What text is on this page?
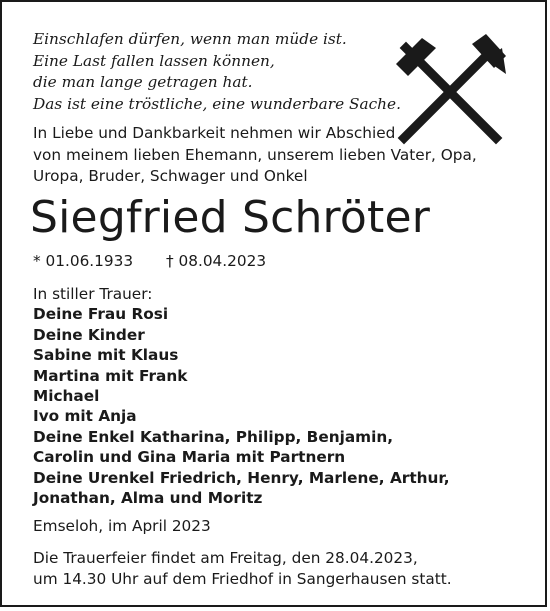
Einschlafen dürfen, wenn man müde ist.
Eine Last fallen lassen können,
die man lange getragen hat.
Das ist eine tröstliche, eine wunderbare Sache.
In Liebe und Dankbarkeit nehmen wir Abschied
von meinem lieben Ehemann, unserem lieben Vater, Opa,
Uropa, Bruder, Schwager und Onkel
Siegfried Schröter
* 01.06.1933 † 08.04.2023
In stiller Trauer:
Deine Frau Rosi
Deine Kinder
Sabine mit Klaus
Martina mit Frank
Michael
Ivo mit Anja
Deine Enkel Katharina, Philipp, Benjamin,
Carolin und Gina Maria mit Partnern
Deine Urenkel Friedrich, Henry, Marlene, Arthur,
Jonathan, Alma und Moritz
Emseloh, im April 2023
Die Trauerfeier findet am Freitag, den 28.04.2023,
um 14.30 Uhr auf dem Friedhof in Sangerhausen statt.
